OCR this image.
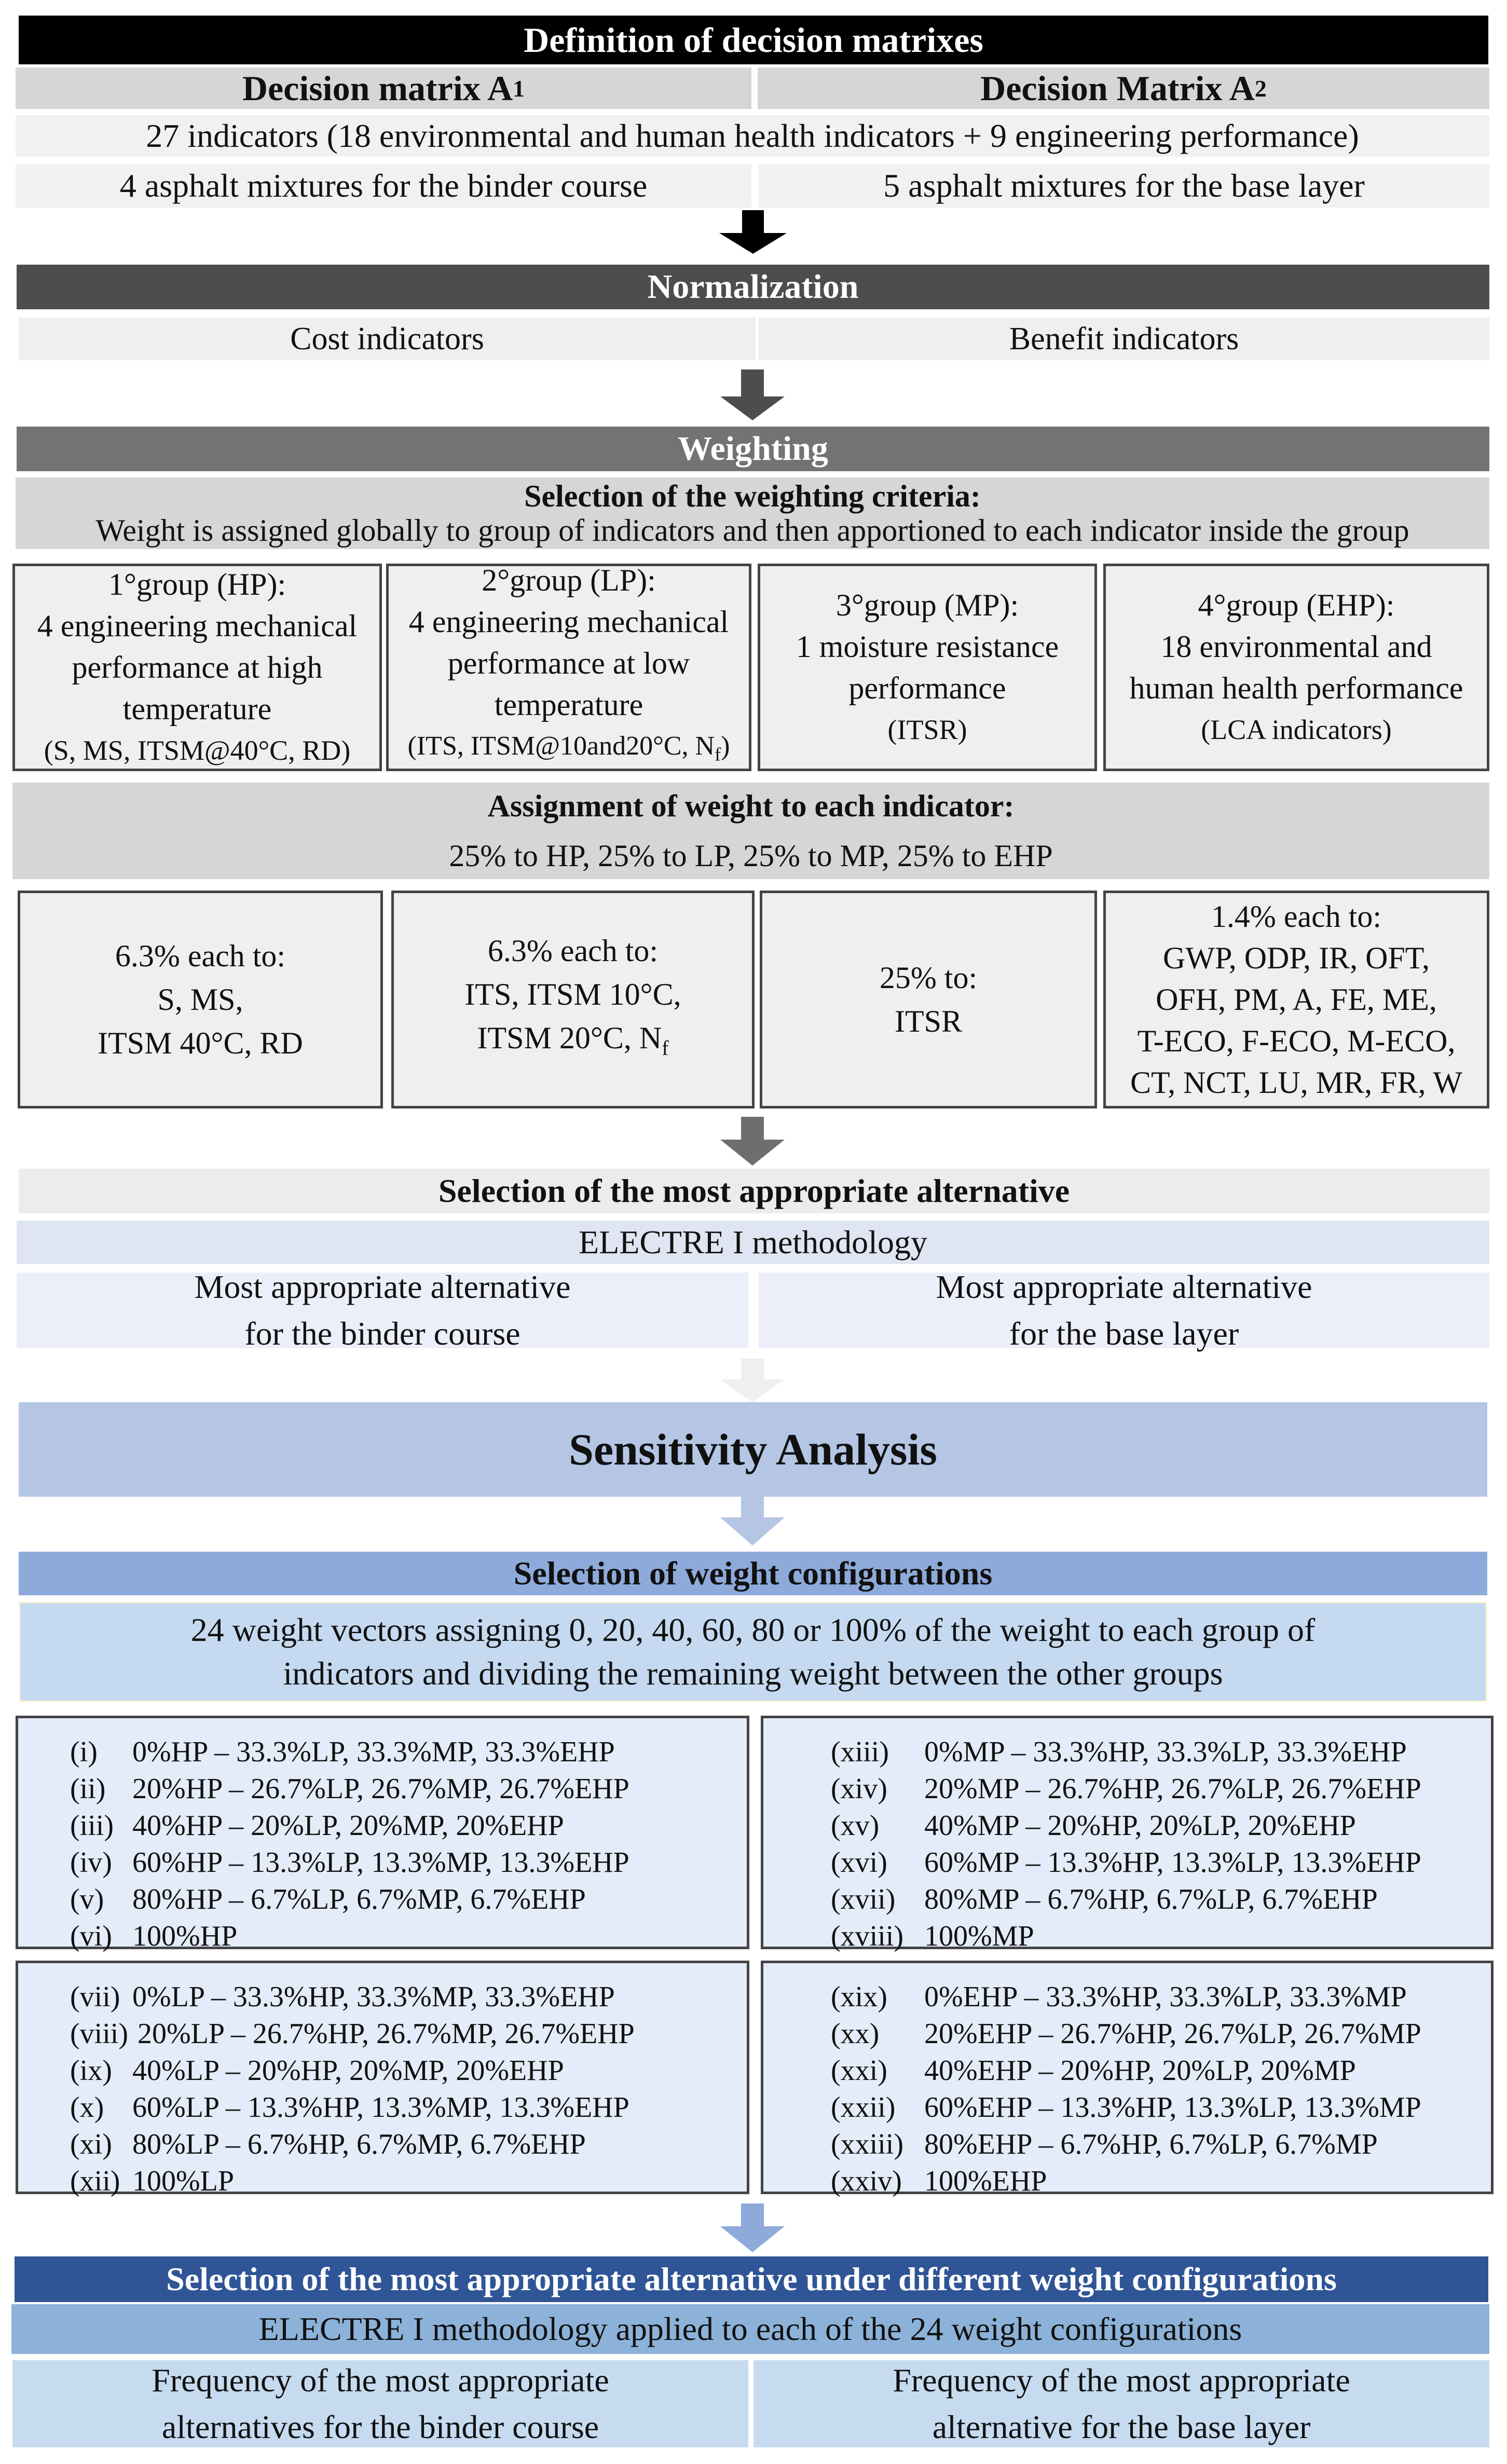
Definition of decision matrixes
Decision matrix A 1	Decision Matrix A 2
27 indicators (18 environmental and human health indicators + 9 engineering performance)
4 asphalt mixtures for the binder course	5 asphalt mixtures for the base layer
Normalization
Cost indicators	Benefit indicators
Weighting
Selection of the weighting criteria:
Weight is assigned globally to group of indicators and then apportioned to each indicator inside the group
1°group (HP):
4 engineering mechanical
performance at high
temperature
(S, MS, ITSM@40°C, RD)
2°group (LP):
4 engineering mechanical
performance at low
temperature
(ITS, ITSM@10and20°C, $N_f$)
3°group (MP):
1 moisture resistance
performance
(ITSR)
4°group (EHP):
18 environmental and
human health performance
(LCA indicators)
Assignment of weight to each indicator:
25% to HP, 25% to LP, 25% to MP, 25% to EHP
6.3% each to:
S, MS,
ITSM 40°C, RD
6.3% each to:
ITS, ITSM 10°C,
ITSM 20°C, $N_f$
25% to:
ITSR
1.4% each to:
GWP, ODP, IR, OFT,
OFH, PM, A, FE, ME,
T-ECO, F-ECO, M-ECO,
CT, NCT, LU, MR, FR, W
Selection of the most appropriate alternative
ELECTRE I methodology
Most appropriate alternative
for the binder course
Most appropriate alternative
for the base layer
Sensitivity Analysis
Selection of weight configurations
24 weight vectors assigning 0, 20, 40, 60, 80 or 100% of the weight to each group of
indicators and dividing the remaining weight between the other groups
(i)	0%HP – 33.3%LP, 33.3%MP, 33.3%EHP
(ii) 20%HP – 26.7%LP, 26.7%MP, 26.7%EHP
(iii) 40%HP – 20%LP, 20%MP, 20%EHP
(iv) 60%HP – 13.3%LP, 13.3%MP, 13.3%EHP
(v) 80%HP – 6.7%LP, 6.7%MP, 6.7%EHP
(vi) 100%HP
(xiii)	0%MP – 33.3%HP, 33.3%LP, 33.3%EHP
(xiv)	20%MP – 26.7%HP, 26.7%LP, 26.7%EHP
(xv)	40%MP – 20%HP, 20%LP, 20%EHP
(xvi)	60%MP – 13.3%HP, 13.3%LP, 13.3%EHP
(xvii) 80%MP – 6.7%HP, 6.7%LP, 6.7%EHP
(xviii) 100%MP
(vii) 0%LP – 33.3%HP, 33.3%MP, 33.3%EHP
(viii) 20%LP – 26.7%HP, 26.7%MP, 26.7%EHP
(ix) 40%LP – 20%HP, 20%MP, 20%EHP
(x) 60%LP – 13.3%HP, 13.3%MP, 13.3%EHP
(xi) 80%LP – 6.7%HP, 6.7%MP, 6.7%EHP
(xii) 100%LP
(xix)	0%EHP – 33.3%HP, 33.3%LP, 33.3%MP
(xx)	20%EHP – 26.7%HP, 26.7%LP, 26.7%MP
(xxi)	40%EHP – 20%HP, 20%LP, 20%MP
(xxii) 60%EHP – 13.3%HP, 13.3%LP, 13.3%MP
(xxiii) 80%EHP – 6.7%HP, 6.7%LP, 6.7%MP
(xxiv) 100%EHP
Selection of the most appropriate alternative under different weight configurations
ELECTRE I methodology applied to each of the 24 weight configurations
Frequency of the most appropriate
alternatives for the binder course
Frequency of the most appropriate
alternative for the base layer
